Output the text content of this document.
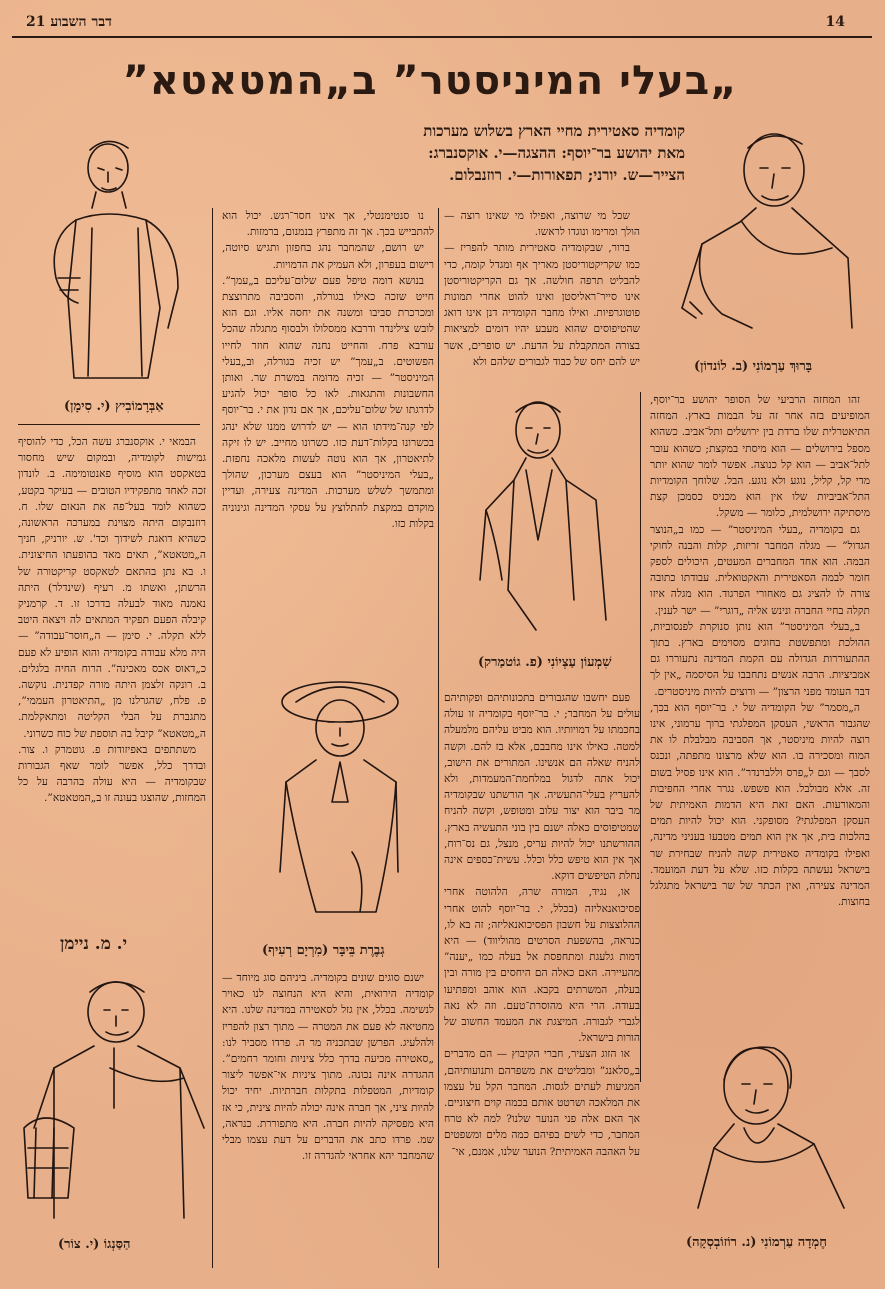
דבר השבוע 21	14
„בעלי המיניסטר” ב„המטאטא”
קומדיה סאטירית מחיי הארץ בשלוש מערכות
מאת יהושע בר־יוסף: ההצגה—י. אוקסנברג:
הצייר—ש. יורני; תפאורות—י. רוזנבלום.
אַבְּרָמוֹבִיץ (י. סִימָן)
בָּרוּךְ עַרְמוֹנִי (ב. לוֹנדוֹן)

זהו המחזה הרביעי של הסופר יהושע בר־יוסף, המופיעים בזה אחר זה על הבמות בארץ. המחזה התיאטרלית שלו ברדת בין ירושלים ותל־אביב. כשהוא מספל בירושלים — הוא מיסתי במקצת; כשהוא עובר לתל־אביב — הוא קל כנוצה. אפשר לומר שהוא יותר מדי קל, קליל, נוגע ולא נוגע. הבל. שלוחך הקומדיות התל־אביביות שלו אין הוא מכניס כסמכן קצת מיסתיקה ירושלמית, כלומר — משקל.

גם בקומדיה „בעלי המיניסטר” — כמו ב„הנוצר הגדול” — מגלה המחבר זריזות, קלות והבנה לחוקי הבמה. הוא אחד המחברים המעטים, היכולים לספק חומר לבמה הסאטירית והאקטואלית. עבודתו כתובה צורה לו להציג גם מאחורי הפרגוד. הוא מגלה איזו תקלה בחיי החברה ונינש אליה „דוגרי” — ישר לענין.

ב„בעלי המיניסטר” הוא נותן סנוקרת לפנסוביות, ההולכת ומתפשטת בחוגים מסוימים בארץ. בתוך ההתעוררות הגדולה עם הקמת המדינה נתעוררו גם אמביציות. הרבה אנשים נתחבבו על הסיסמה „אין לך דבר העומד מפני הרצון” — ורוצים להיות מיניסטרים.

ה„מסמר” של הקומדיה של י. בר־יוסף הוא בכך, שהגבור הראשי, העסקן המפלגתי ברוך ערמוני, אינו רוצה להיות מיניסטר, אך הסביבה מבלבלת לו את המוח ומסכירה בו. הוא שלא מרצונו מתפתה, ונכנס לסבך — וגם ל„פרס וללברנדר”. הוא אינו פסיל בשום זה. אלא מבולבל. הוא פשפש. נגרר אחרי החפיבות והמאורעות. האם זאת היא הדמות האמיתית של העסקן המפלגתי? מסופקני. הוא יכול להיות תמים בהלכות בית, אך אין הוא תמים מטבעו בעניני מדינה, ואפילו בקומדיה סאטירית קשה להניח שבחירת שר בישראל נעשתה בקלות כזו. שלא על דעת המועמד. המדינה צעירה, ואין הכתר של שר בישראל מתגלגל בחוצות.

שכל מי שרוצה, ואפילו מי שאינו רוצה — הולך ומרימו ונוגדו לראשו.

ברור, שבקומדיה סאטירית מותר להפריז — כמו שקריקטוריסטן מאריך אף ומגדל קומה, כדי להבליט תרפה חולשה. אך גם הקריקטוריסטן אינו סייר־ראליסטן ואינו להוט אחרי תמונות פוטוגרפיות. ואילו מחבר הקומדיה דנן אינו דואג שהטיפוסים שהוא מעבע יהיו דומים למציאות בצורה המתקבלת על הדעת. יש סופרים, אשר יש להם יחס של כבוד לגבורים שלהם ולא

נו סנטימנטלי, אך אינו חסר־רגש. יכול הוא להתבייש בכך. אך זה מתפרץ בנמנום, ברמזות.

יש רושם, שהמחבר נהג בחפזון ותגיש סיוטה, רישום בעפרון, ולא העמיק את הדמויות.

בנושא דומה טיפל פעם שלום־עליכם ב„עמך”. חייט שזכה כאילו בגורלה, והסביבה מתרוצצת ומכרכרת סביבו ומשנה את יחסה אליו. וגם הוא לובש צילינדר ודרבא ממסלולו ולבסוף מתגלה שהכל עורבא פרח. והחייט נחנה שהוא חוזר לחייו הפשוטים. ב„עמך” יש זכיה בגורלה, וב„בעלי המיניסטר” — זכיה מדומה במשרת שר. ואותן החשבונות והתגאות. לאו כל סופר יכול להגיע לדרגתו של שלום־עליכם, אך אם נדון את י. בר־יוסף לפי קנה־מידתו הוא — יש לדרוש ממנו שלא ינהג בכשרונו בקלות־דעת כזו. כשרונו מחייב. יש לו זיקה לתיאטרון, אך הוא נוטה לעשות מלאכה נחפזת. „בעלי המיניסטר” הוא בעצם מערכון, שהולך ומתמשך לשלש מערכות. המדינה צעירה, ועדיין מוקדם במקצת להתלוצץ על עסקי המדינה וגינוניה בקלות כזו.

שִׁמְעוֹן עַצְיוֹנִי (פ. גוֹטמַרק)

פעם יחשבו שהגבורים בתכונותיהם ופקותיהם עולים על המחבר; י. בר־יוסף בקומדיה זו עולה בחכמתו על דמויותיו. הוא מביט עליהם מלמעלה למטה. כאילו אינו מחבבם, אלא בז להם. וקשה להניח שאלה הם אנשינו. המתורים את הישוב, יכול אתה לדגול במלחמת־המעמדות, ולא להעריץ בעלי־התעשיה. אך הורשתנו שבקומדיה מר ביבר הוא יצור עלוב ומטופש, וקשה להניח שמטיפוסים כאלה ישנם בין בוני התעשיה בארץ. ההורשתנו יכול להיות עריס, מנצל, גם נס־רוח, אך אין הוא טיפש כלל וכלל. עשית־כספים אינה נחלת הטיפשים דוקא.

או, נגיד, המורה שרה, הלהוטה אחרי פסיכואנאליזה (בכלל, י. בר־יוסף להוט אחרי ההלוצצות על חשבון הפסיכואנאליזה; זה בא לו, כנראה, בהשפעת הסרטים מהוליווד) — היא דמות גלעגת ומתחפסת אל בעלה כמו „יענה” מהעיירה. האם כאלה הם היחסים בין מורה ובין בעלה, המשרתים בקבא. הוא אוהב ומפתיעו בעודה. הרי היא מהוסרת־טעם. וזה לא נאה לגברי לגבורה. המיצגת את המעמד החשוב של הורות בישראל.

או הזוג הצעיר, חברי הקיבוץ — הם מדברים ב„סלאנג” ומבליטים את משפרהם ותנועותיהם, המגיעות לעתים לגסות. המחבר הקל על עצמו את המלאכה ושרטט אותם בכמה קוים חיצוניים. אך האם אלה פני הנוער שלנו? למה לא טרח המחבר, כדי לשים בפיהם כמה מלים ומשפטים על האהבה האמיתית? הנוער שלנו, אמנם, אי־

גְבֶרֶת בֵּיבָּר (מִרְיָם רְעִיף)

ישנם סוגים שונים בקומדיה. ביניהם סוג מיוחד — קומדיה הירואית, והיא היא הנחוצה לנו כאויר לנשימה. בכלל, אין גזל לסאטירה במדינה שלנו. היא מחטיאה לא פעם את המטרה — מתוך רצון להפריז ולהלעיג. הפרשן שבתכניה מר ה. פרדו מסביר לנו: „סאטירה מכיעה בדרך כלל ציניות וחומר רחמים”. ההגדרה אינה נכונה. מתוך ציניות אי־אפשר ליצור קומדיות, המטפלות בתקלות חברתיות. יחיד יכול להיות ציני, אך חברה אינה יכולה להיות צינית, כי אז היא מפסיקה להיות חברה. היא מתפוררת. כנראה, שמ. פרדו כתב את הדברים על דעת עצמו מבלי שהמחבר יהא אחראי להגדרה זו.

הבמאי י. אוקסנברג עשה הכל, כדי להוסיף גמישות לקומדיה, ובמקום שיש מחסור בטאקסט הוא מוסיף פאנטומימה. ב. לונדון זכה לאחד מתפקידיו הטובים — בעיקר בקטע, כשהוא לומד בעל־פה את הנאום שלו. ח. רוזנבקום היתה מצוינת במערכה הראשונה, כשהיא דואגת לשידוך וכד'. ש. יורניק, חניך ה„מטאטא”, תאים מאד בהופעתו החיצונית. ו. בא נתן בהתאם לטאקסט קריקטורה של הרשתן, ואשתו מ. רעיף (שינדלר) היתה נאמנה מאוד לבעלה בדרכו זו. ד. קרמניק קיבלה הפעם תפקיד המתאים לה ויצאה היטב ללא תקלה. י. סימן — ה„חוסר־עבודה” — היה מלא עבודה בקומדיה והוא הופיע לא פעם כ„דאוס אכס מאכינה”. הרוח החיה בלגלים. ב. רונקה זלצמן היתה מורה קפדנית. נוקשה. פ. פלח, שהגרלנו מן „התיאטרון העממי”, מתגברת על הבלי הקליטה ומתאקלמת. ה„מטאטא” קיבל בה תוספת של כוח כשרוני.

משתתפים באפיזודות פ. גוטמרק ו. צור. ובדרך כלל, אפשר לומר שאף הגבורות שבקומדיה — היא עולה בהרבה על כל המחזות, שהוצגו בעונה זו ב„המטאטא”.

י. מ. ניימן
הַסַּנְגוֹ (י. צוֹר)	חֶמְדָה עַרְמוֹנִי (נ. רוֹזוֹבְסְקָה)
